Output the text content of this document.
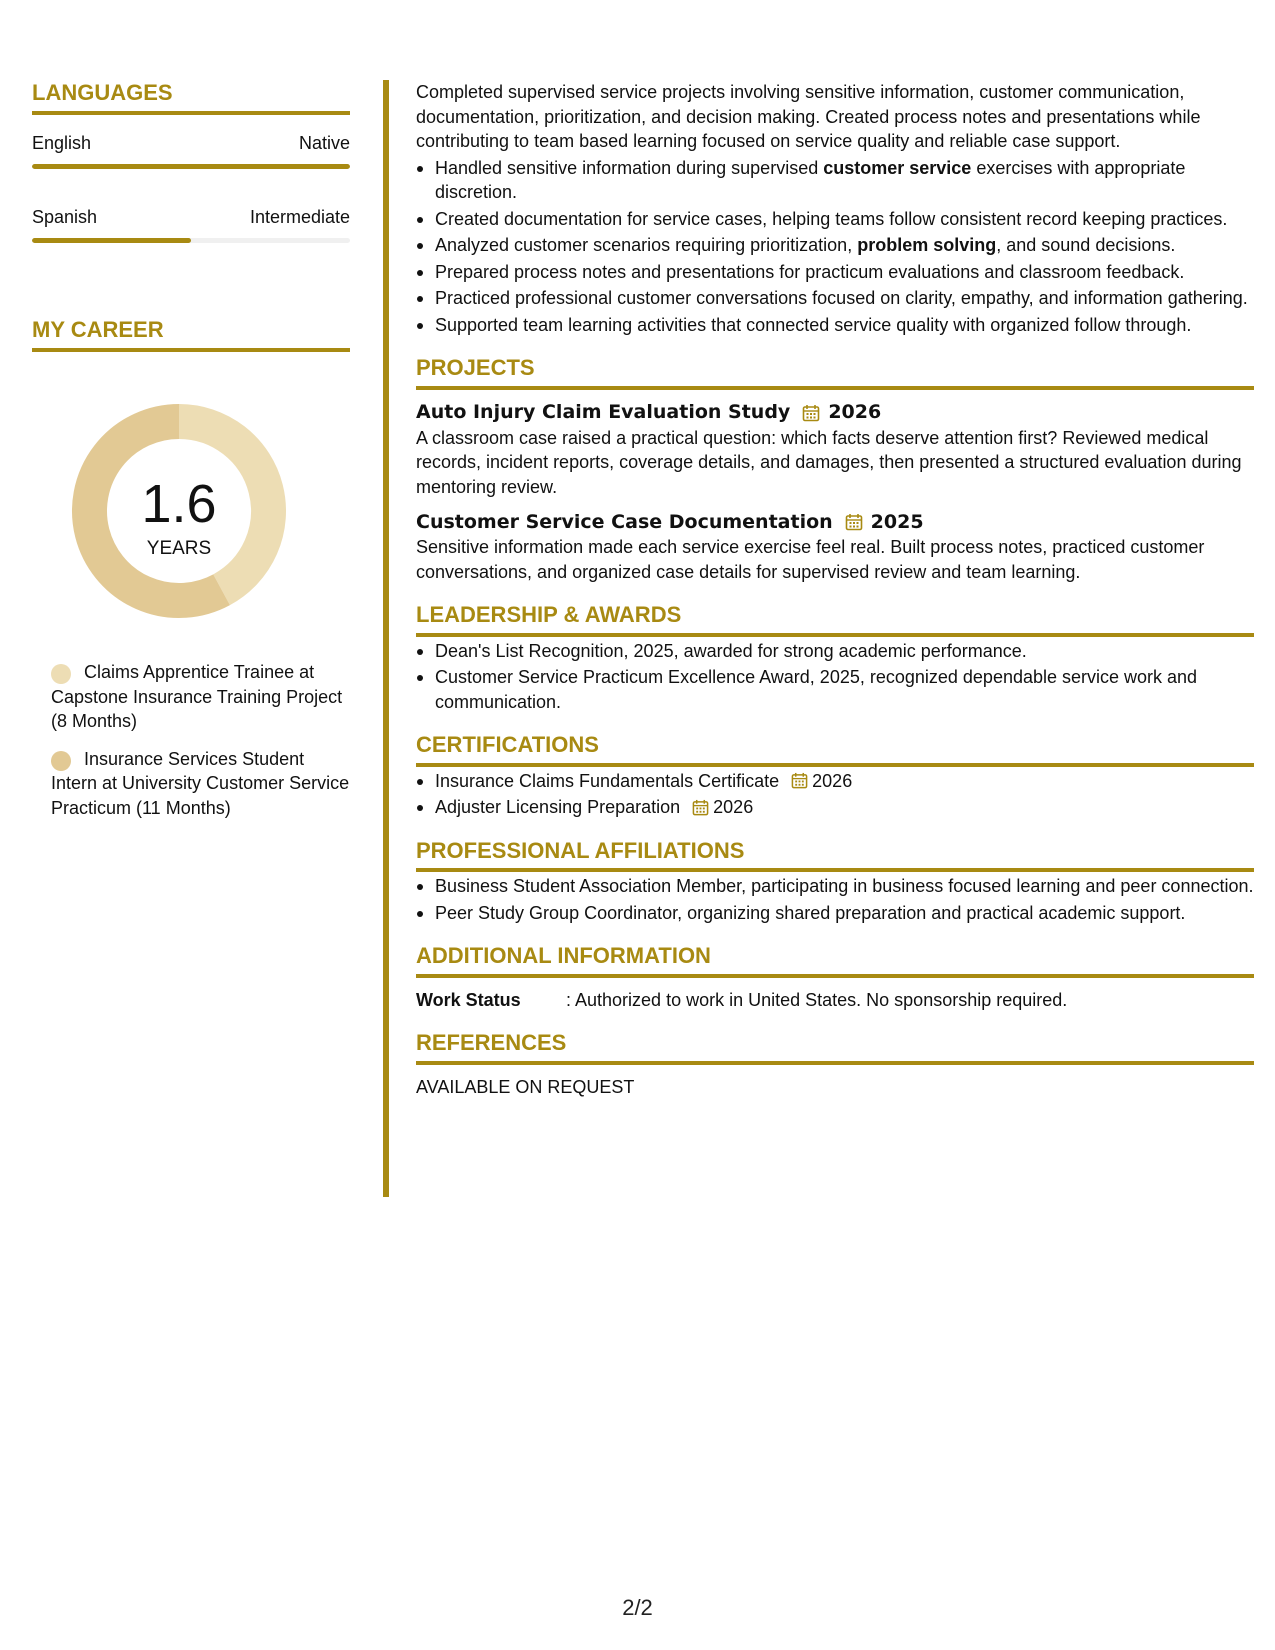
LANGUAGES
English	Native
Spanish	Intermediate
MY CAREER
1.6
YEARS
Claims Apprentice Trainee at Capstone Insurance Training Project (8 Months)
Insurance Services Student Intern at University Customer Service Practicum (11 Months)

Completed supervised service projects involving sensitive information, customer communication, documentation, prioritization, and decision making. Created process notes and presentations while contributing to team based learning focused on service quality and reliable case support.

Handled sensitive information during supervised customer service exercises with appropriate discretion.
Created documentation for service cases, helping teams follow consistent record keeping practices.
Analyzed customer scenarios requiring prioritization, problem solving, and sound decisions.
Prepared process notes and presentations for practicum evaluations and classroom feedback.
Practiced professional customer conversations focused on clarity, empathy, and information gathering.
Supported team learning activities that connected service quality with organized follow through.
PROJECTS
Auto Injury Claim Evaluation Study 2026

A classroom case raised a practical question: which facts deserve attention first? Reviewed medical records, incident reports, coverage details, and damages, then presented a structured evaluation during mentoring review.

Customer Service Case Documentation 2025

Sensitive information made each service exercise feel real. Built process notes, practiced customer conversations, and organized case details for supervised review and team learning.

LEADERSHIP & AWARDS
Dean's List Recognition, 2025, awarded for strong academic performance.
Customer Service Practicum Excellence Award, 2025, recognized dependable service work and communication.
CERTIFICATIONS
Insurance Claims Fundamentals Certificate 2026
Adjuster Licensing Preparation 2026
PROFESSIONAL AFFILIATIONS
Business Student Association Member, participating in business focused learning and peer connection.
Peer Study Group Coordinator, organizing shared preparation and practical academic support.
ADDITIONAL INFORMATION
Work Status	: Authorized to work in United States. No sponsorship required.
REFERENCES
AVAILABLE ON REQUEST
2/2
